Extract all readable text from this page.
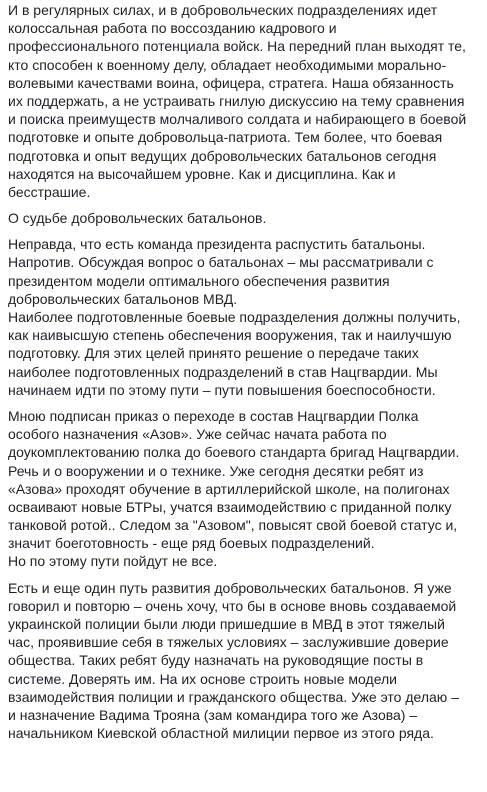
И в регулярных силах, и в добровольческих подразделениях идет
колоссальная работа по воссозданию кадрового и
профессионального потенциала войск. На передний план выходят те,
кто способен к военному делу, обладает необходимыми морально-
волевыми качествами воина, офицера, стратега. Наша обязанность
их поддержать, а не устраивать гнилую дискуссию на тему сравнения
и поиска преимуществ молчаливого солдата и набирающего в боевой
подготовке и опыте добровольца-патриота. Тем более, что боевая
подготовка и опыт ведущих добровольческих батальонов сегодня
находятся на высочайшем уровне. Как и дисциплина. Как и
бесстрашие.
О судьбе добровольческих батальонов.
Неправда, что есть команда президента распустить батальоны.
Напротив. Обсуждая вопрос о батальонах – мы рассматривали с
президентом модели оптимального обеспечения развития
добровольческих батальонов МВД.
Наиболее подготовленные боевые подразделения должны получить,
как наивысшую степень обеспечения вооружения, так и наилучшую
подготовку. Для этих целей принято решение о передаче таких
наиболее подготовленных подразделений в став Нацгвардии. Мы
начинаем идти по этому пути – пути повышения боеспособности.
Мною подписан приказ о переходе в состав Нацгвардии Полка
особого назначения «Азов». Уже сейчас начата работа по
доукомплектованию полка до боевого стандарта бригад Нацгвардии.
Речь и о вооружении и о технике. Уже сегодня десятки ребят из
«Азова» проходят обучение в артиллерийской школе, на полигонах
осваивают новые БТРы, учатся взаимодействию с приданной полку
танковой ротой.. Следом за "Азовом", повысят свой боевой статус и,
значит боеготовность - еще ряд боевых подразделений.
Но по этому пути пойдут не все.
Есть и еще один путь развития добровольческих батальонов. Я уже
говорил и повторю – очень хочу, что бы в основе вновь создаваемой
украинской полиции были люди пришедшие в МВД в этот тяжелый
час, проявившие себя в тяжелых условиях – заслужившие доверие
общества. Таких ребят буду назначать на руководящие посты в
системе. Доверять им. На их основе строить новые модели
взаимодействия полиции и гражданского общества. Уже это делаю –
и назначение Вадима Трояна (зам командира того же Азова) –
начальником Киевской областной милиции первое из этого ряда.
